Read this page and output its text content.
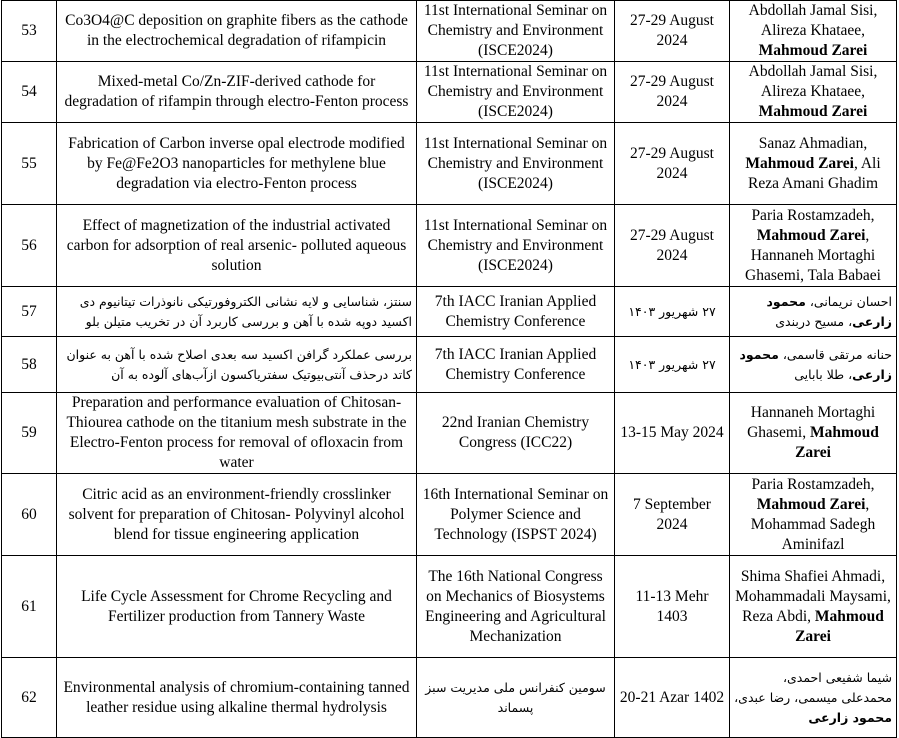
53	Co3O4@C deposition on graphite fibers as the cathode in the electrochemical degradation of rifampicin	11st International Seminar on Chemistry and Environment (ISCE2024)	27-29 August 2024	Abdollah Jamal Sisi, Alireza Khataee, Mahmoud Zarei
54	Mixed-metal Co/Zn-ZIF-derived cathode for degradation of rifampin through electro-Fenton process	11st International Seminar on Chemistry and Environment (ISCE2024)	27-29 August 2024	Abdollah Jamal Sisi, Alireza Khataee, Mahmoud Zarei
55	Fabrication of Carbon inverse opal electrode modified by Fe@Fe2O3 nanoparticles for methylene blue degradation via electro-Fenton process	11st International Seminar on Chemistry and Environment (ISCE2024)	27-29 August 2024	Sanaz Ahmadian, Mahmoud Zarei, Ali Reza Amani Ghadim
56	Effect of magnetization of the industrial activated carbon for adsorption of real arsenic- polluted aqueous solution	11st International Seminar on Chemistry and Environment (ISCE2024)	27-29 August 2024	Paria Rostamzadeh, Mahmoud Zarei, Hannaneh Mortaghi Ghasemi, Tala Babaei
57	سنتز، شناسایی و لایه نشانی الکتروفورتیکی نانوذرات تیتانیوم دی اکسید دوپه شده با آهن و بررسی کاربرد آن در تخریب متیلن بلو	7th IACC Iranian Applied Chemistry Conference	۲۷ شهریور ۱۴۰۳	احسان نریمانی، محمود زارعی، مسیح دربندی
58	بررسی عملکرد گرافن اکسید سه بعدی اصلاح شده با آهن به عنوان کاتد درحذف آنتی‌بیوتیک سفتریاکسون ازآب‌های آلوده به آن	7th IACC Iranian Applied Chemistry Conference	۲۷ شهریور ۱۴۰۳	حنانه مرتقی قاسمی، محمود زارعی، طلا بابایی
59	Preparation and performance evaluation of Chitosan-Thiourea cathode on the titanium mesh substrate in the Electro-Fenton process for removal of ofloxacin from water	22nd Iranian Chemistry Congress (ICC22)	13-15 May 2024	Hannaneh Mortaghi Ghasemi, Mahmoud Zarei
60	Citric acid as an environment-friendly crosslinker solvent for preparation of Chitosan- Polyvinyl alcohol blend for tissue engineering application	16th International Seminar on Polymer Science and Technology (ISPST 2024)	7 September 2024	Paria Rostamzadeh, Mahmoud Zarei, Mohammad Sadegh Aminifazl
61	Life Cycle Assessment for Chrome Recycling and Fertilizer production from Tannery Waste	The 16th National Congress on Mechanics of Biosystems Engineering and Agricultural Mechanization	11-13 Mehr 1403	Shima Shafiei Ahmadi, Mohammadali Maysami, Reza Abdi, Mahmoud Zarei
62	Environmental analysis of chromium-containing tanned leather residue using alkaline thermal hydrolysis	سومین کنفرانس ملی مدیریت سبز پسماند	20-21 Azar 1402	شیما شفیعی احمدی، محمدعلی میسمی، رضا عبدی، محمود زارعی
